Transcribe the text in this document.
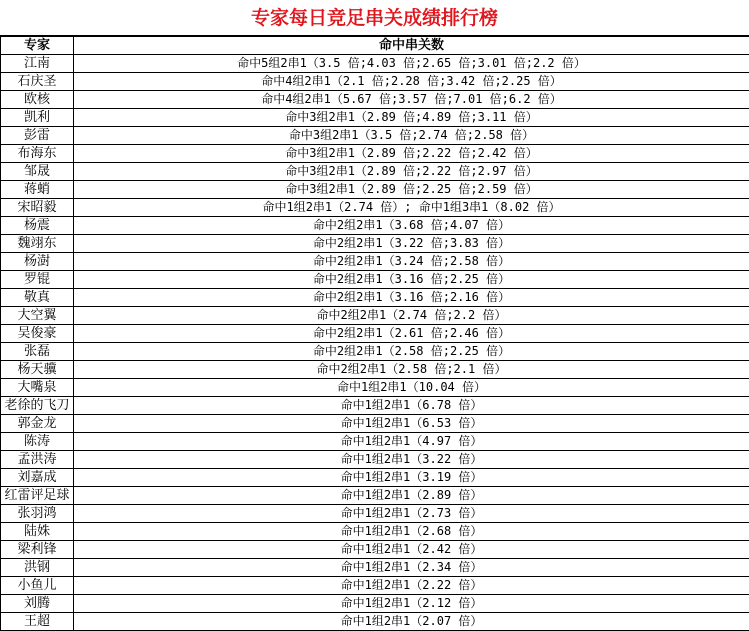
专家每日竞足串关成绩排行榜
专家	命中串关数
江南	命中5组2串1（3.5 倍;4.03 倍;2.65 倍;3.01 倍;2.2 倍）
石庆圣	命中4组2串1（2.1 倍;2.28 倍;3.42 倍;2.25 倍）
欧核	命中4组2串1（5.67 倍;3.57 倍;7.01 倍;6.2 倍）
凯利	命中3组2串1（2.89 倍;4.89 倍;3.11 倍）
彭雷	命中3组2串1（3.5 倍;2.74 倍;2.58 倍）
布海东	命中3组2串1（2.89 倍;2.22 倍;2.42 倍）
邹晟	命中3组2串1（2.89 倍;2.22 倍;2.97 倍）
蒋蛸	命中3组2串1（2.89 倍;2.25 倍;2.59 倍）
宋昭毅	命中1组2串1（2.74 倍）; 命中1组3串1（8.02 倍）
杨震	命中2组2串1（3.68 倍;4.07 倍）
魏翊东	命中2组2串1（3.22 倍;3.83 倍）
杨澍	命中2组2串1（3.24 倍;2.58 倍）
罗锟	命中2组2串1（3.16 倍;2.25 倍）
敬真	命中2组2串1（3.16 倍;2.16 倍）
大空翼	命中2组2串1（2.74 倍;2.2 倍）
吴俊豪	命中2组2串1（2.61 倍;2.46 倍）
张磊	命中2组2串1（2.58 倍;2.25 倍）
杨天骥	命中2组2串1（2.58 倍;2.1 倍）
大嘴泉	命中1组2串1（10.04 倍）
老徐的飞刀	命中1组2串1（6.78 倍）
郭金龙	命中1组2串1（6.53 倍）
陈涛	命中1组2串1（4.97 倍）
孟洪涛	命中1组2串1（3.22 倍）
刘嘉成	命中1组2串1（3.19 倍）
红雷评足球	命中1组2串1（2.89 倍）
张羽鸿	命中1组2串1（2.73 倍）
陆姝	命中1组2串1（2.68 倍）
梁利锋	命中1组2串1（2.42 倍）
洪钢	命中1组2串1（2.34 倍）
小鱼儿	命中1组2串1（2.22 倍）
刘腾	命中1组2串1（2.12 倍）
王超	命中1组2串1（2.07 倍）
